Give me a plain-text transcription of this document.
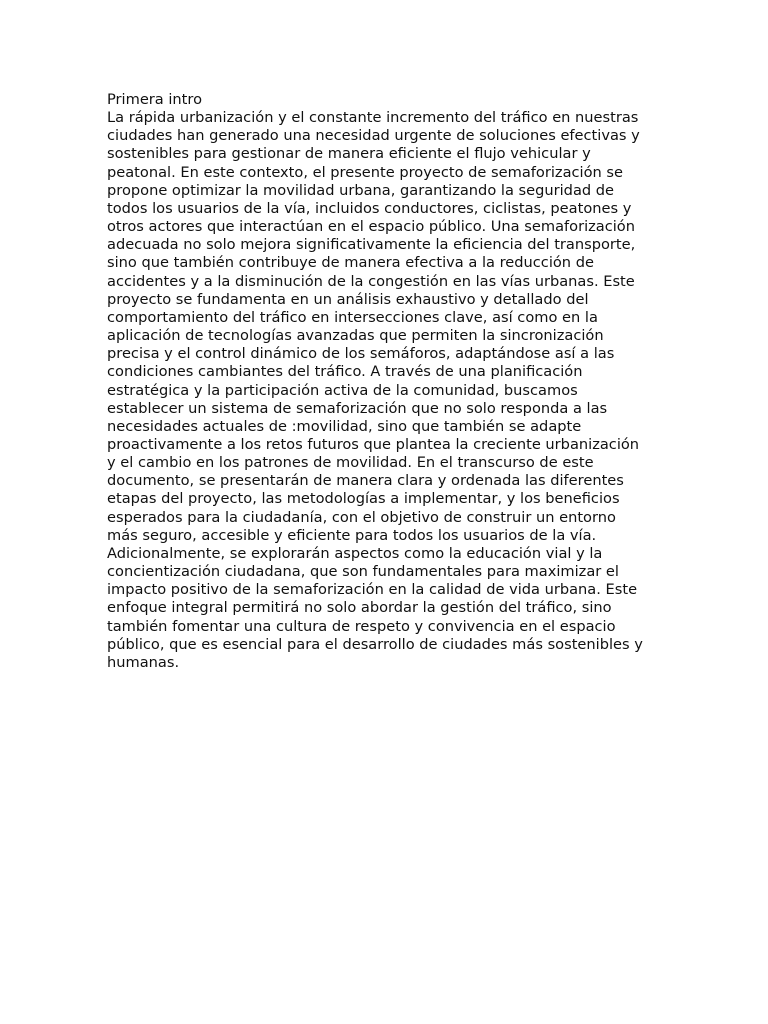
Primera intro

La rápida urbanización y el constante incremento del tráfico en nuestras
ciudades han generado una necesidad urgente de soluciones efectivas y
sostenibles para gestionar de manera eficiente el flujo vehicular y
peatonal. En este contexto, el presente proyecto de semaforización se
propone optimizar la movilidad urbana, garantizando la seguridad de
todos los usuarios de la vía, incluidos conductores, ciclistas, peatones y
otros actores que interactúan en el espacio público. Una semaforización
adecuada no solo mejora significativamente la eficiencia del transporte,
sino que también contribuye de manera efectiva a la reducción de
accidentes y a la disminución de la congestión en las vías urbanas. Este
proyecto se fundamenta en un análisis exhaustivo y detallado del
comportamiento del tráfico en intersecciones clave, así como en la
aplicación de tecnologías avanzadas que permiten la sincronización
precisa y el control dinámico de los semáforos, adaptándose así a las
condiciones cambiantes del tráfico. A través de una planificación
estratégica y la participación activa de la comunidad, buscamos
establecer un sistema de semaforización que no solo responda a las
necesidades actuales de :movilidad, sino que también se adapte
proactivamente a los retos futuros que plantea la creciente urbanización
y el cambio en los patrones de movilidad. En el transcurso de este
documento, se presentarán de manera clara y ordenada las diferentes
etapas del proyecto, las metodologías a implementar, y los beneficios
esperados para la ciudadanía, con el objetivo de construir un entorno
más seguro, accesible y eficiente para todos los usuarios de la vía.
Adicionalmente, se explorarán aspectos como la educación vial y la
concientización ciudadana, que son fundamentales para maximizar el
impacto positivo de la semaforización en la calidad de vida urbana. Este
enfoque integral permitirá no solo abordar la gestión del tráfico, sino
también fomentar una cultura de respeto y convivencia en el espacio
público, que es esencial para el desarrollo de ciudades más sostenibles y
humanas.
